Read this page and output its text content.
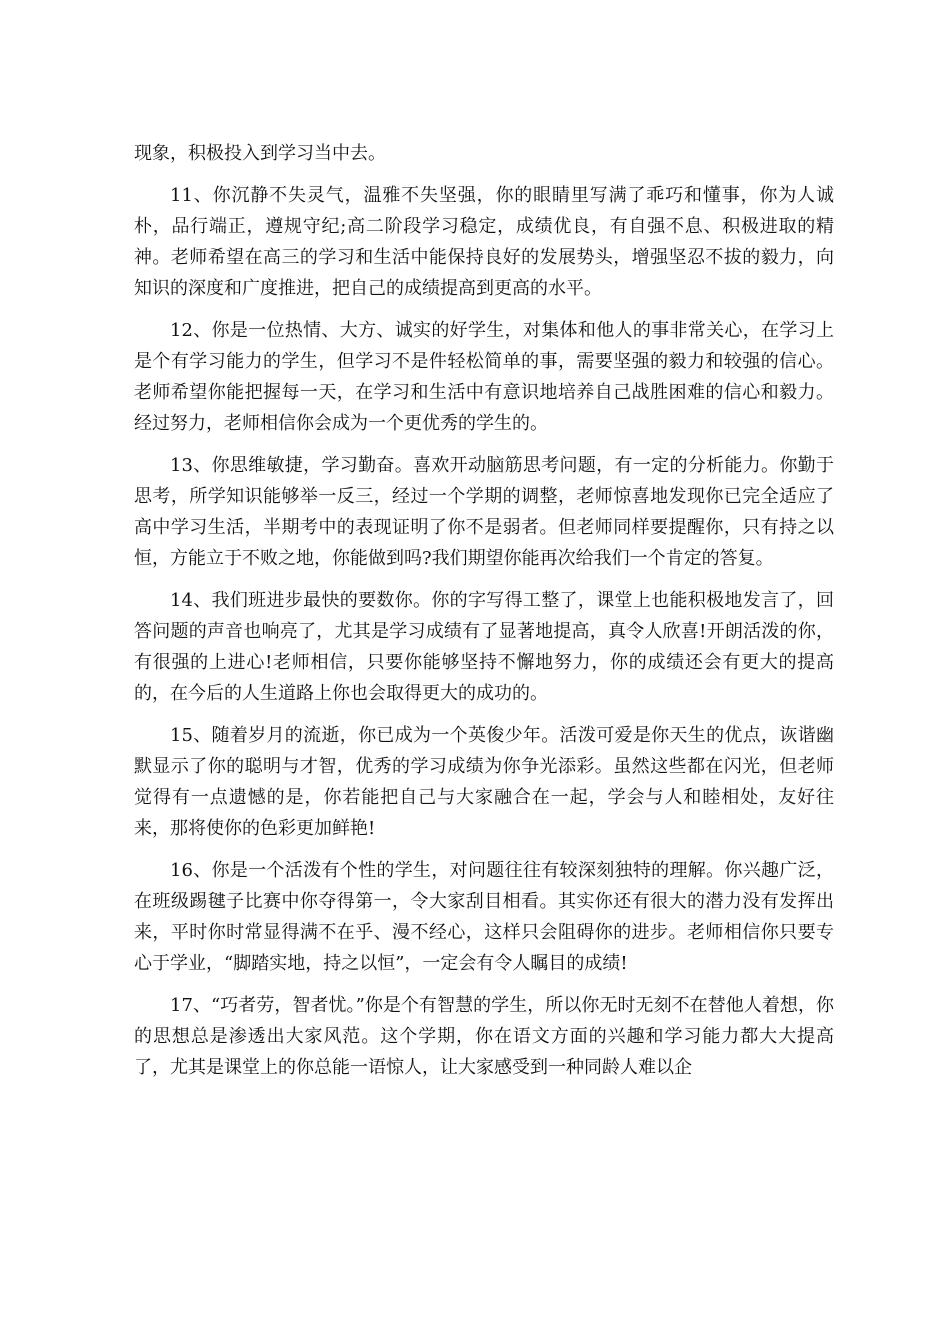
现象，积极投入到学习当中去。

11、你沉静不失灵气，温雅不失坚强，你的眼睛里写满了乖巧和懂事，你为人诚朴，品行端正，遵规守纪;高二阶段学习稳定，成绩优良，有自强不息、积极进取的精神。老师希望在高三的学习和生活中能保持良好的发展势头，增强坚忍不拔的毅力，向知识的深度和广度推进，把自己的成绩提高到更高的水平。

12、你是一位热情、大方、诚实的好学生，对集体和他人的事非常关心，在学习上是个有学习能力的学生，但学习不是件轻松简单的事，需要坚强的毅力和较强的信心。老师希望你能把握每一天，在学习和生活中有意识地培养自己战胜困难的信心和毅力。经过努力，老师相信你会成为一个更优秀的学生的。

13、你思维敏捷，学习勤奋。喜欢开动脑筋思考问题，有一定的分析能力。你勤于思考，所学知识能够举一反三，经过一个学期的调整，老师惊喜地发现你已完全适应了高中学习生活，半期考中的表现证明了你不是弱者。但老师同样要提醒你，只有持之以恒，方能立于不败之地，你能做到吗?我们期望你能再次给我们一个肯定的答复。

14、我们班进步最快的要数你。你的字写得工整了，课堂上也能积极地发言了，回答问题的声音也响亮了，尤其是学习成绩有了显著地提高，真令人欣喜!开朗活泼的你，有很强的上进心!老师相信，只要你能够坚持不懈地努力，你的成绩还会有更大的提高的，在今后的人生道路上你也会取得更大的成功的。

15、随着岁月的流逝，你已成为一个英俊少年。活泼可爱是你天生的优点，诙谐幽默显示了你的聪明与才智，优秀的学习成绩为你争光添彩。虽然这些都在闪光，但老师觉得有一点遗憾的是，你若能把自己与大家融合在一起，学会与人和睦相处，友好往来，那将使你的色彩更加鲜艳!

16、你是一个活泼有个性的学生，对问题往往有较深刻独特的理解。你兴趣广泛，在班级踢毽子比赛中你夺得第一，令大家刮目相看。其实你还有很大的潜力没有发挥出来，平时你时常显得满不在乎、漫不经心，这样只会阻碍你的进步。老师相信你只要专心于学业，“脚踏实地，持之以恒”，一定会有令人瞩目的成绩!

17、“巧者劳，智者忧。”你是个有智慧的学生，所以你无时无刻不在替他人着想，你的思想总是渗透出大家风范。这个学期，你在语文方面的兴趣和学习能力都大大提高了，尤其是课堂上的你总能一语惊人，让大家感受到一种同龄人难以企
